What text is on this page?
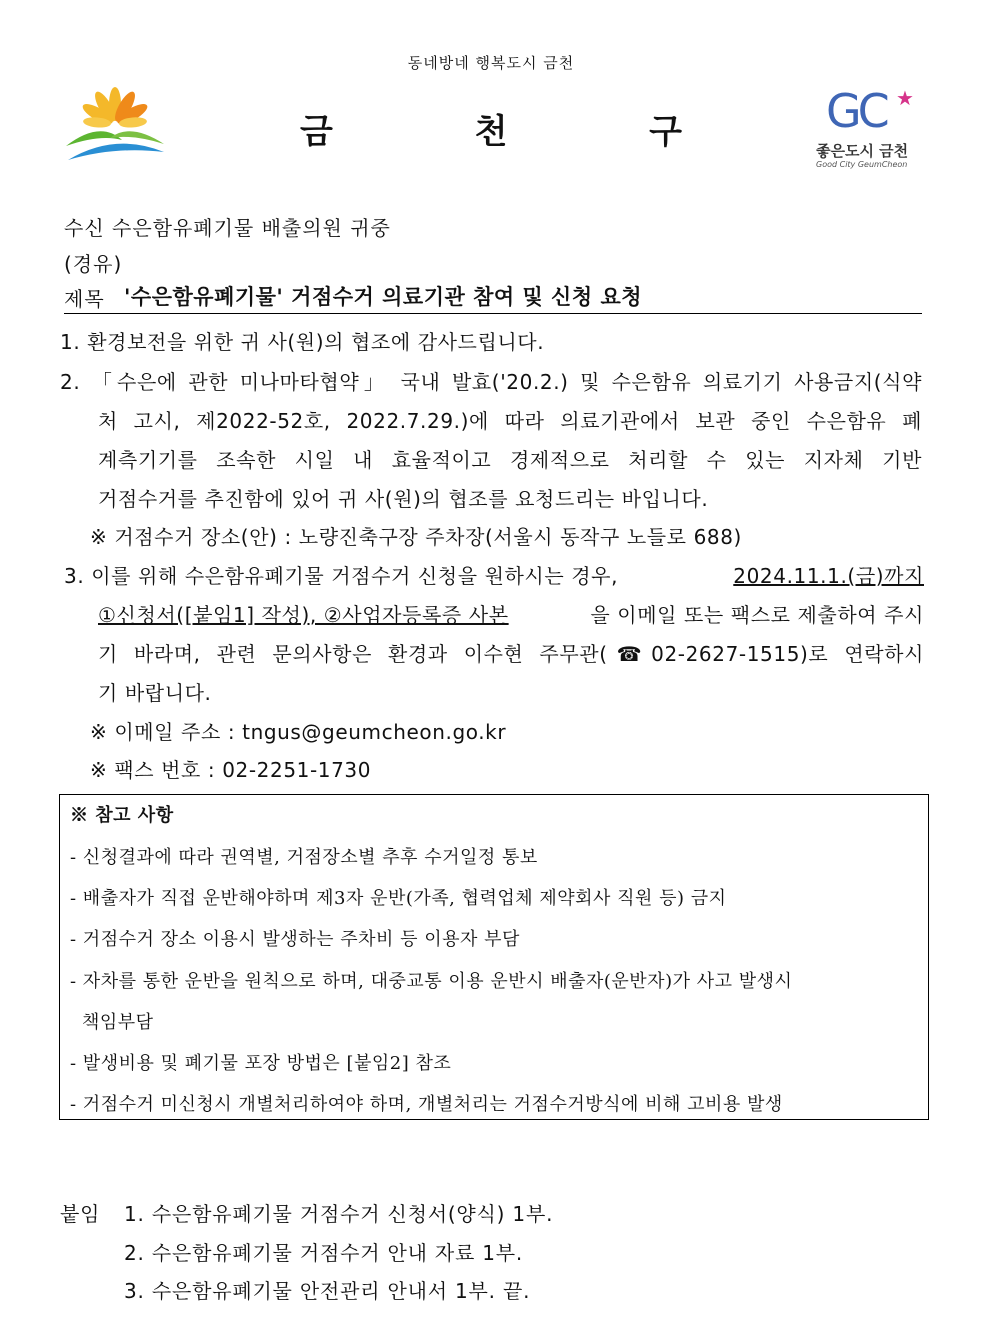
동네방네 행복도시 금천
금	천	구	GC ★
좋은도시 금천
Good City GeumCheon
수신 수은함유폐기물 배출의원 귀중
(경유)
제목 '수은함유폐기물' 거점수거 의료기관 참여 및 신청 요청
1. 환경보전을 위한 귀 사(원)의 협조에 감사드립니다.
2. 「수은에 관한 미나마타협약」 국내 발효('20.2.) 및 수은함유 의료기기 사용금지(식약
처 고시, 제2022-52호, 2022.7.29.)에 따라 의료기관에서 보관 중인 수은함유 폐
계측기기를 조속한 시일 내 효율적이고 경제적으로 처리할 수 있는 지자체 기반
거점수거를 추진함에 있어 귀 사(원)의 협조를 요청드리는 바입니다.
※ 거점수거 장소(안) : 노량진축구장 주차장(서울시 동작구 노들로 688)
3. 이를 위해 수은함유폐기물 거점수거 신청을 원하시는 경우,	2024.11.1.(금)까지
①신청서([붙임1] 작성), ②사업자등록증 사본	을 이메일 또는 팩스로 제출하여 주시
기 바라며, 관련 문의사항은 환경과 이수현 주무관(☎02-2627-1515)로 연락하시
기 바랍니다.
※ 이메일 주소 : tngus@geumcheon.go.kr
※ 팩스 번호 : 02-2251-1730
※ 참고 사항
- 신청결과에 따라 권역별, 거점장소별 추후 수거일정 통보
- 배출자가 직접 운반해야하며 제3자 운반(가족, 협력업체 제약회사 직원 등) 금지
- 거점수거 장소 이용시 발생하는 주차비 등 이용자 부담
- 자차를 통한 운반을 원칙으로 하며, 대중교통 이용 운반시 배출자(운반자)가 사고 발생시
책임부담
- 발생비용 및 폐기물 포장 방법은 [붙임2] 참조
- 거점수거 미신청시 개별처리하여야 하며, 개별처리는 거점수거방식에 비해 고비용 발생
붙임 1. 수은함유폐기물 거점수거 신청서(양식) 1부.
2. 수은함유폐기물 거점수거 안내 자료 1부.
3. 수은함유폐기물 안전관리 안내서 1부. 끝.
